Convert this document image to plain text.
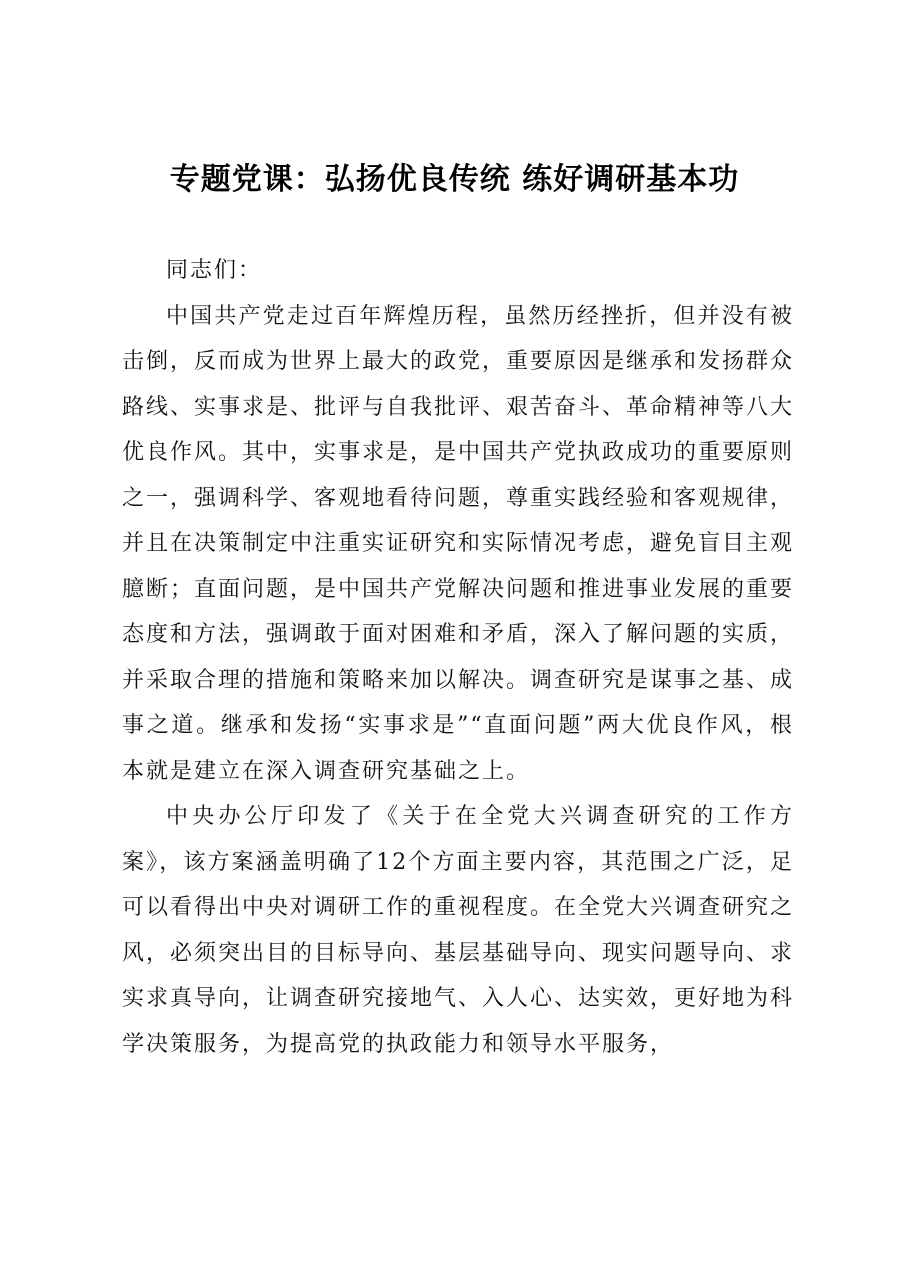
专题党课：弘扬优良传统 练好调研基本功

同志们：

中国共产党走过百年辉煌历程，虽然历经挫折，但并没有被击倒，反而成为世界上最大的政党，重要原因是继承和发扬群众路线、实事求是、批评与自我批评、艰苦奋斗、革命精神等八大优良作风。其中，实事求是，是中国共产党执政成功的重要原则之一，强调科学、客观地看待问题，尊重实践经验和客观规律，并且在决策制定中注重实证研究和实际情况考虑，避免盲目主观臆断；直面问题，是中国共产党解决问题和推进事业发展的重要态度和方法，强调敢于面对困难和矛盾，深入了解问题的实质，并采取合理的措施和策略来加以解决。调查研究是谋事之基、成事之道。继承和发扬“实事求是”“直面问题”两大优良作风，根本就是建立在深入调查研究基础之上。

中央办公厅印发了《关于在全党大兴调查研究的工作方案》，该方案涵盖明确了12个方面主要内容，其范围之广泛，足可以看得出中央对调研工作的重视程度。在全党大兴调查研究之风，必须突出目的目标导向、基层基础导向、现实问题导向、求实求真导向，让调查研究接地气、入人心、达实效，更好地为科学决策服务，为提高党的执政能力和领导水平服务，
